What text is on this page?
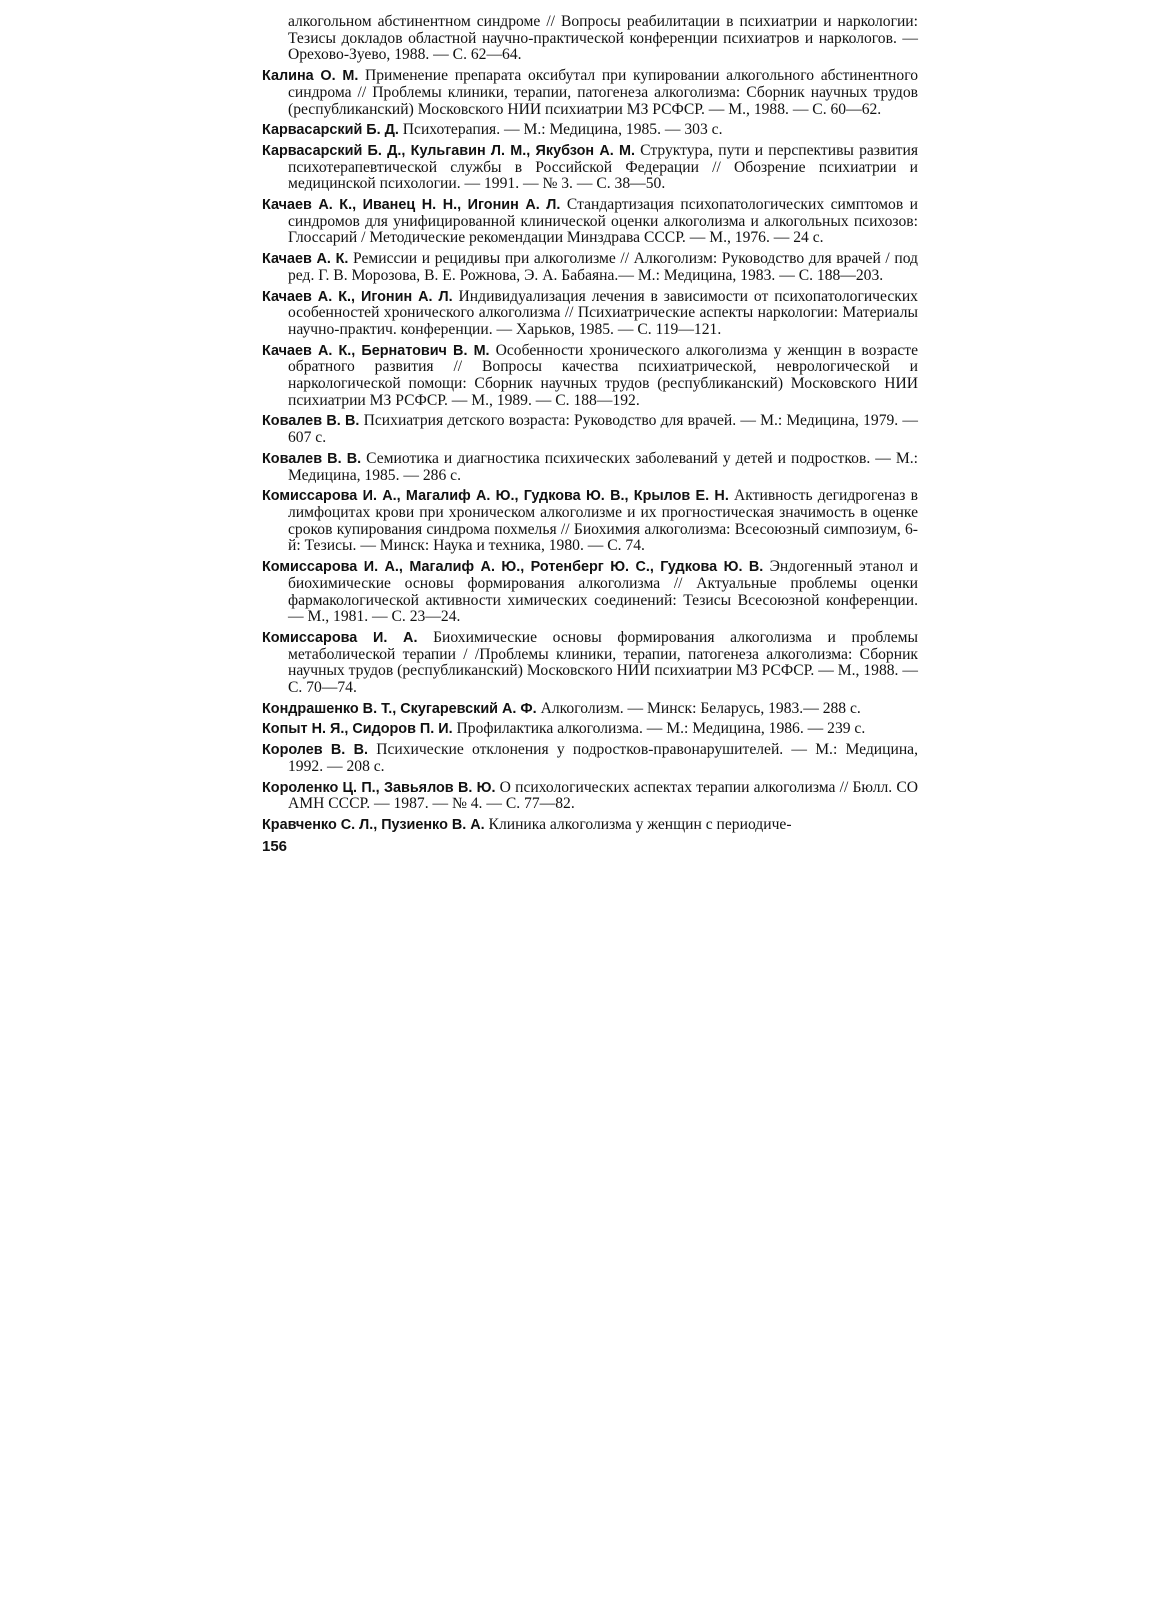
алкогольном абстинентном синдроме // Вопросы реабилитации в психиатрии и наркологии: Тезисы докладов областной научно-практической конференции психиатров и наркологов. — Орехово-Зуево, 1988. — С. 62—64.

Калина О. М. Применение препарата оксибутал при купировании алкогольного абстинентного синдрома // Проблемы клиники, терапии, патогенеза алкоголизма: Сборник научных трудов (республиканский) Московского НИИ психиатрии МЗ РСФСР. — М., 1988. — С. 60—62.

Карвасарский Б. Д. Психотерапия. — М.: Медицина, 1985. — 303 с.

Карвасарский Б. Д., Кульгавин Л. М., Якубзон А. М. Структура, пути и перспективы развития психотерапевтической службы в Российской Федерации // Обозрение психиатрии и медицинской психологии. — 1991. — № 3. — С. 38—50.

Качаев А. К., Иванец Н. Н., Игонин А. Л. Стандартизация психопатологических симптомов и синдромов для унифицированной клинической оценки алкоголизма и алкогольных психозов: Глоссарий / Методические рекомендации Минздрава СССР. — М., 1976. — 24 с.

Качаев А. К. Ремиссии и рецидивы при алкоголизме // Алкоголизм: Руководство для врачей / под ред. Г. В. Морозова, В. Е. Рожнова, Э. А. Бабаяна.— М.: Медицина, 1983. — С. 188—203.

Качаев А. К., Игонин А. Л. Индивидуализация лечения в зависимости от психопатологических особенностей хронического алкоголизма // Психиатрические аспекты наркологии: Материалы научно-практич. конференции. — Харьков, 1985. — С. 119—121.

Качаев А. К., Бернатович В. М. Особенности хронического алкоголизма у женщин в возрасте обратного развития // Вопросы качества психиатрической, неврологической и наркологической помощи: Сборник научных трудов (республиканский) Московского НИИ психиатрии МЗ РСФСР. — М., 1989. — С. 188—192.

Ковалев В. В. Психиатрия детского возраста: Руководство для врачей. — М.: Медицина, 1979. — 607 с.

Ковалев В. В. Семиотика и диагностика психических заболеваний у детей и подростков. — М.: Медицина, 1985. — 286 с.

Комиссарова И. А., Магалиф А. Ю., Гудкова Ю. В., Крылов Е. Н. Активность дегидрогеназ в лимфоцитах крови при хроническом алкоголизме и их прогностическая значимость в оценке сроков купирования синдрома похмелья // Биохимия алкоголизма: Всесоюзный симпозиум, 6-й: Тезисы. — Минск: Наука и техника, 1980. — С. 74.

Комиссарова И. А., Магалиф А. Ю., Ротенберг Ю. С., Гудкова Ю. В. Эндогенный этанол и биохимические основы формирования алкоголизма // Актуальные проблемы оценки фармакологической активности химических соединений: Тезисы Всесоюзной конференции. — М., 1981. — С. 23—24.

Комиссарова И. А. Биохимические основы формирования алкоголизма и проблемы метаболической терапии / /Проблемы клиники, терапии, патогенеза алкоголизма: Сборник научных трудов (республиканский) Московского НИИ психиатрии МЗ РСФСР. — М., 1988. — С. 70—74.

Кондрашенко В. Т., Скугаревский А. Ф. Алкоголизм. — Минск: Беларусь, 1983.— 288 с.

Копыт Н. Я., Сидоров П. И. Профилактика алкоголизма. — М.: Медицина, 1986. — 239 с.

Королев В. В. Психические отклонения у подростков-правонарушителей. — М.: Медицина, 1992. — 208 с.

Короленко Ц. П., Завьялов В. Ю. О психологических аспектах терапии алкоголизма // Бюлл. СО АМН СССР. — 1987. — № 4. — С. 77—82.

Кравченко С. Л., Пузиенко В. А. Клиника алкоголизма у женщин с периодиче-

156
